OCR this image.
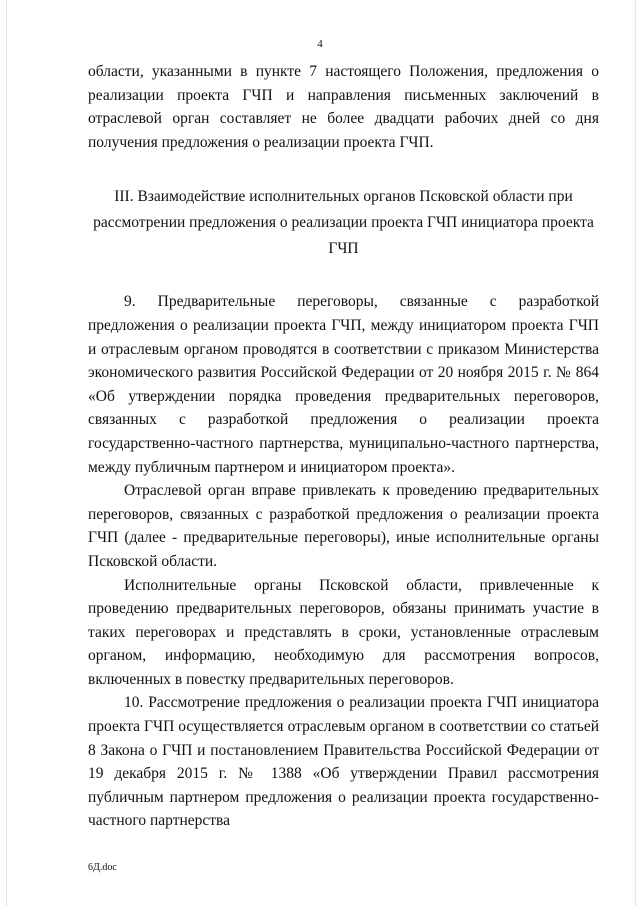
4

области, указанными в пункте 7 настоящего Положения, предложения о реализации проекта ГЧП и направления письменных заключений в отраслевой орган составляет не более двадцати рабочих дней со дня получения предложения о реализации проекта ГЧП.

III. Взаимодействие исполнительных органов Псковской области при рассмотрении предложения о реализации проекта ГЧП инициатора проекта ГЧП

9. Предварительные переговоры, связанные с разработкой предложения о реализации проекта ГЧП, между инициатором проекта ГЧП и отраслевым органом проводятся в соответствии с приказом Министерства экономического развития Российской Федерации от 20 ноября 2015 г. № 864 «Об утверждении порядка проведения предварительных переговоров, связанных с разработкой предложения о реализации проекта государственно-частного партнерства, муниципально-частного партнерства, между публичным партнером и инициатором проекта».

Отраслевой орган вправе привлекать к проведению предварительных переговоров, связанных с разработкой предложения о реализации проекта ГЧП (далее - предварительные переговоры), иные исполнительные органы Псковской области.

Исполнительные органы Псковской области, привлеченные к проведению предварительных переговоров, обязаны принимать участие в таких переговорах и представлять в сроки, установленные отраслевым органом, информацию, необходимую для рассмотрения вопросов, включенных в повестку предварительных переговоров.

10. Рассмотрение предложения о реализации проекта ГЧП инициатора проекта ГЧП осуществляется отраслевым органом в соответствии со статьей 8 Закона о ГЧП и постановлением Правительства Российской Федерации от 19 декабря 2015 г. № 1388 «Об утверждении Правил рассмотрения публичным партнером предложения о реализации проекта государственно-частного партнерства

6Д.doc
